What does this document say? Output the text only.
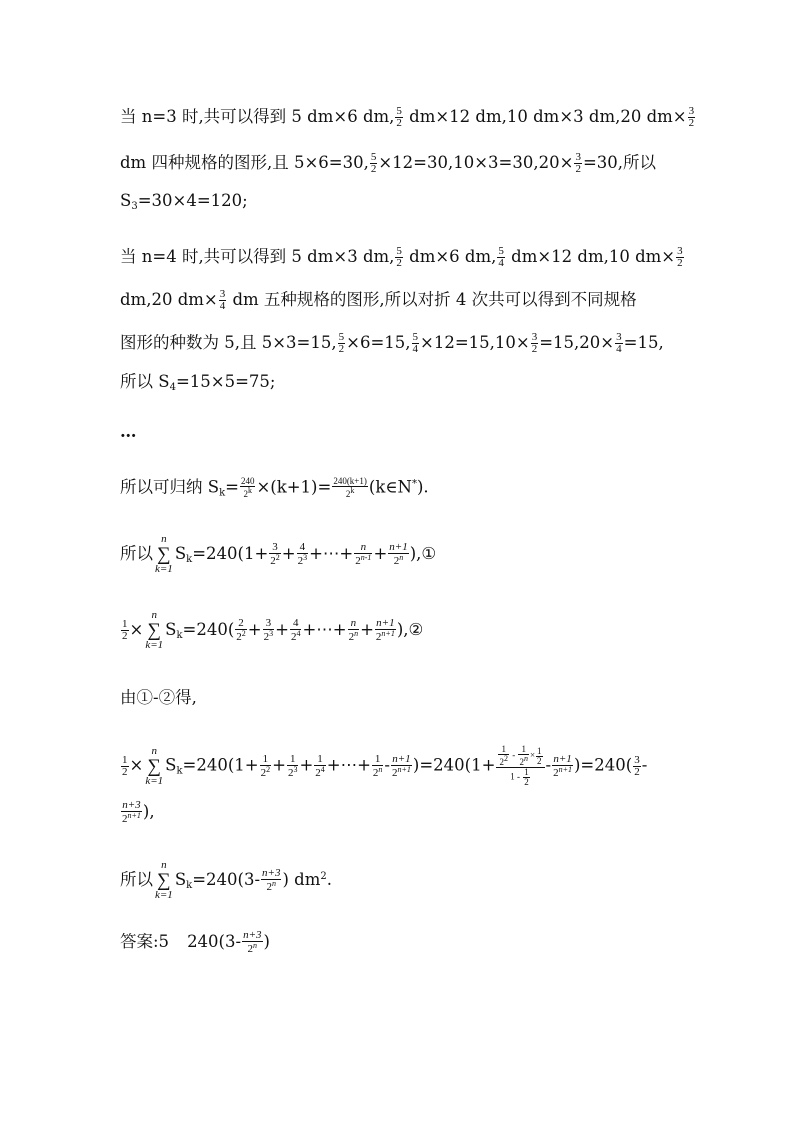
当 n=3 时,共可以得到 5 dm×6 dm, $\frac{5}{2} dm\times 12$ dm,10 dm×3 dm,20 $dm\times \frac{3}{2}$
dm 四种规格的图形,且 5×6=30, $\frac{5}{2} \times 12=30,10\times 3=30,20\times \frac{3}{2} =30$,所以
$S_3=30\times 4=120$;
当 n=4 时,共可以得到 5 dm×3 dm, $\frac{5}{2} dm\times 6$ dm, $\frac{5}{4} dm\times 12$ dm,10 $dm\times \frac{3}{2}$
dm,20 $dm\times \frac{3}{4}$ dm 五种规格的图形,所以对折 4 次共可以得到不同规格
图形的种数为 5,且 5×3=15, $\frac{5}{2} \times 6=15$, $\frac{5}{4} \times 12=15,10\times \frac{3}{2} =15,20\times \frac{3}{4} =15$,
所以 $S_4=15\times 5=75$;
…
所以可归纳 $S_k= \frac{240}{2^k} \times(k+1)= \frac{240(k+1)}{2^k}$ (k∈N*).
所以
n
∑
k=1
$S_k=240(1+ \frac{3}{2^2} + \frac{4}{2^3}$ +⋯+ $\frac{n}{2^{n-1}} + \frac{n+1}{2^n}$ ),①
$\frac{1}{2}$ ×
n
∑
k=1
$S_k=240( \frac{2}{2^2} + \frac{3}{2^3} + \frac{4}{2^4}$ +⋯+ $\frac{n}{2^n} + \frac{n+1}{2^{n+1}}$ ),②
由①-②得,
$\frac{1}{2}$ ×
n
∑
k=1
$S_k=240(1+ \frac{1}{2^2} + \frac{1}{2^3} + \frac{1}{2^4}$ +⋯+ $\frac{1}{2^n} - \frac{n+1}{2^{n+1}} )=240(1+ \frac{\frac{1}{2^2} - \frac{1}{2^n} \times \frac{1}{2}}{1 - \frac{1}{2}} - \frac{n+1}{2^{n+1}} )=240( \frac{3}{2}$ -
$\frac{n+3}{2^{n+1}}$ ),
所以
n
∑
k=1
$S_k=240(3- \frac{n+3}{2^n}$ ) $dm^2$.
答案:5 $240(3- \frac{n+3}{2^n}$ )
